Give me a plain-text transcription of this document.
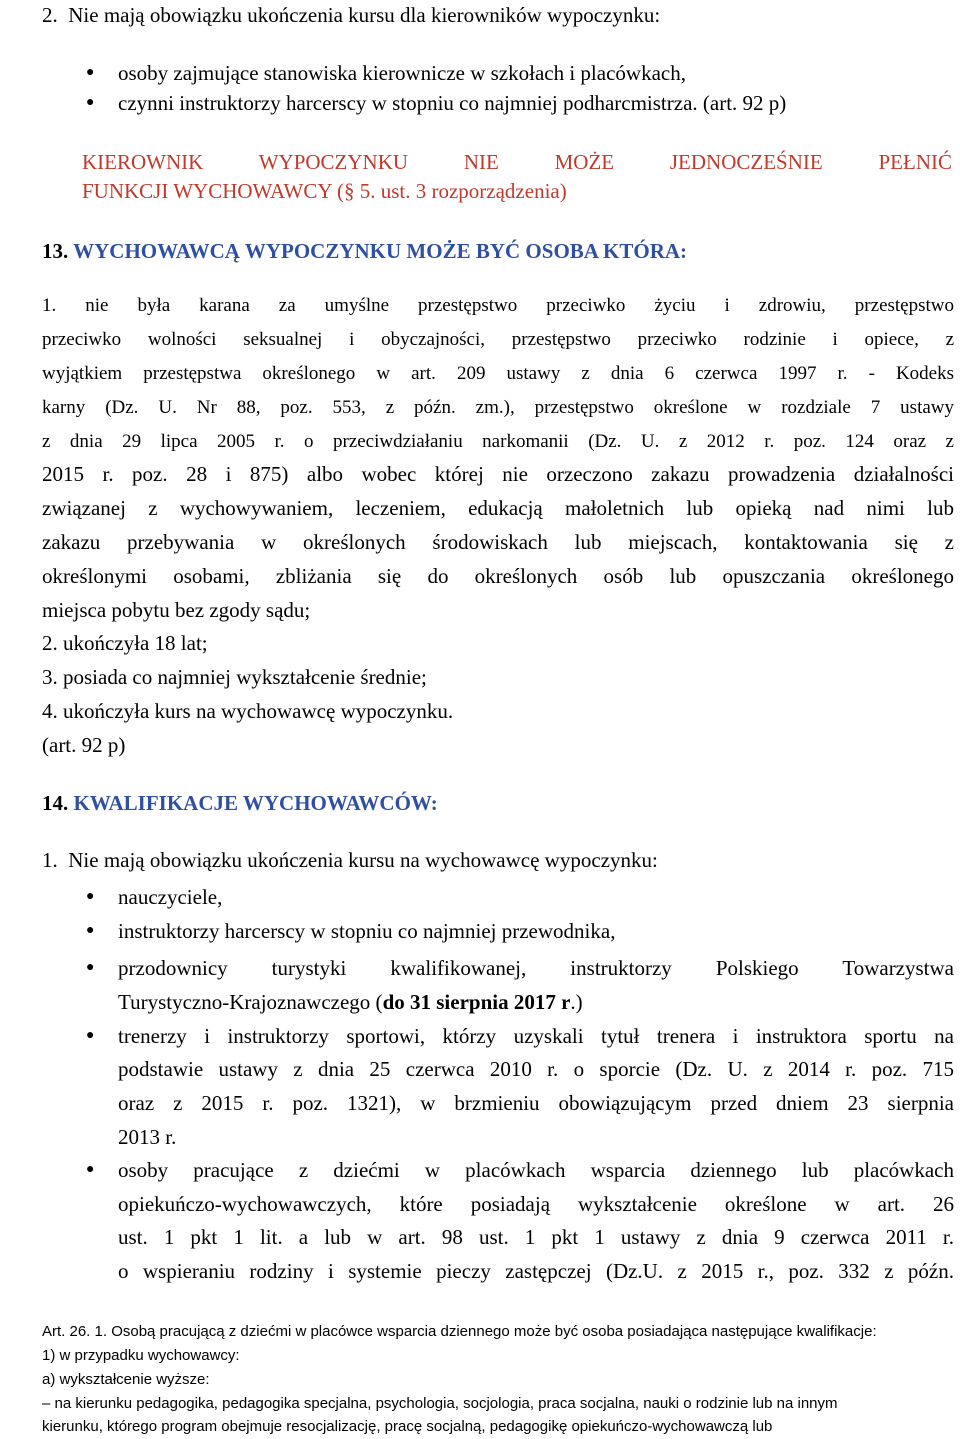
2.  Nie mają obowiązku ukończenia kursu dla kierowników wypoczynku:
● osoby zajmujące stanowiska kierownicze w szkołach i placówkach,
● czynni instruktorzy harcerscy w stopniu co najmniej podharcmistrza. (art. 92 p)
KIEROWNIK WYPOCZYNKU NIE MOŻE JEDNOCZEŚNIE PEŁNIĆ
FUNKCJI WYCHOWAWCY (§ 5. ust. 3 rozporządzenia)
13. WYCHOWAWCĄ WYPOCZYNKU MOŻE BYĆ OSOBA KTÓRA:
1. nie była karana za umyślne przestępstwo przeciwko życiu i zdrowiu, przestępstwo
przeciwko wolności seksualnej i obyczajności, przestępstwo przeciwko rodzinie i opiece, z
wyjątkiem przestępstwa określonego w art. 209 ustawy z dnia 6 czerwca 1997 r. - Kodeks
karny (Dz. U. Nr 88, poz. 553, z późn. zm.), przestępstwo określone w rozdziale 7 ustawy
z dnia 29 lipca 2005 r. o przeciwdziałaniu narkomanii (Dz. U. z 2012 r. poz. 124 oraz z
2015 r. poz. 28 i 875) albo wobec której nie orzeczono zakazu prowadzenia działalności
związanej z wychowywaniem, leczeniem, edukacją małoletnich lub opieką nad nimi lub
zakazu przebywania w określonych środowiskach lub miejscach, kontaktowania się z
określonymi osobami, zbliżania się do określonych osób lub opuszczania określonego
miejsca pobytu bez zgody sądu;
2. ukończyła 18 lat;
3. posiada co najmniej wykształcenie średnie;
4. ukończyła kurs na wychowawcę wypoczynku.
(art. 92 p)
14. KWALIFIKACJE WYCHOWAWCÓW:
1.  Nie mają obowiązku ukończenia kursu na wychowawcę wypoczynku:
● nauczyciele,
● instruktorzy harcerscy w stopniu co najmniej przewodnika,
● przodownicy turystyki kwalifikowanej, instruktorzy Polskiego Towarzystwa
Turystyczno-Krajoznawczego (do 31 sierpnia 2017 r.)
● trenerzy i instruktorzy sportowi, którzy uzyskali tytuł trenera i instruktora sportu na
podstawie ustawy z dnia 25 czerwca 2010 r. o sporcie (Dz. U. z 2014 r. poz. 715
oraz z 2015 r. poz. 1321), w brzmieniu obowiązującym przed dniem 23 sierpnia
2013 r.
● osoby pracujące z dziećmi w placówkach wsparcia dziennego lub placówkach
opiekuńczo-wychowawczych, które posiadają wykształcenie określone w art. 26
ust. 1 pkt 1 lit. a lub w art. 98 ust. 1 pkt 1 ustawy z dnia 9 czerwca 2011 r.
o wspieraniu rodziny i systemie pieczy zastępczej (Dz.U. z 2015 r., poz. 332 z późn.
Art. 26. 1. Osobą pracującą z dziećmi w placówce wsparcia dziennego może być osoba posiadająca następujące kwalifikacje:
1) w przypadku wychowawcy:
a) wykształcenie wyższe:
– na kierunku pedagogika, pedagogika specjalna, psychologia, socjologia, praca socjalna, nauki o rodzinie lub na innym
kierunku, którego program obejmuje resocjalizację, pracę socjalną, pedagogikę opiekuńczo-wychowawczą lub
